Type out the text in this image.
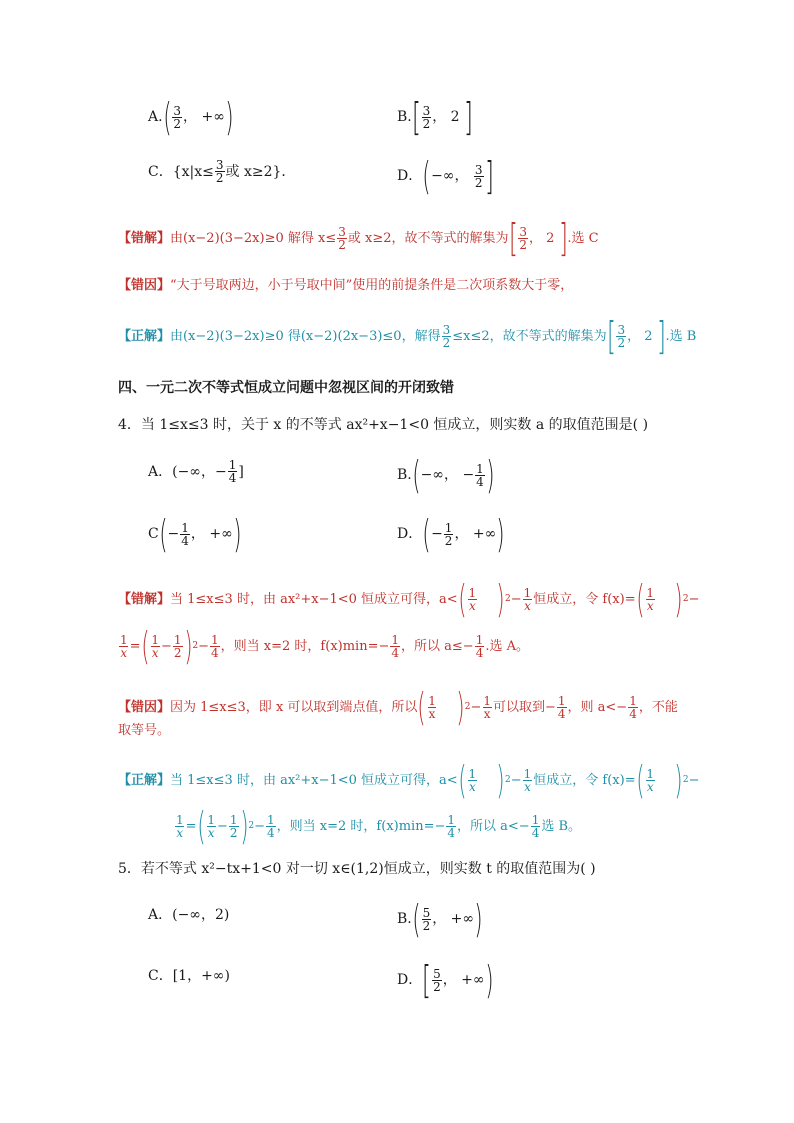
A. ( $\frac{3}{2}$ ，
+∞ )	B. [ $\frac{3}{2}$ ，
2
]
C．{$x|x\le \frac{3}{2}$ 或 x≥2}．	D． ( −∞ ，
$\frac{3}{2}$ ]
【错解】 由(x−2)(3−2x)≥0 解得 $x\le \frac{3}{2}$ 或 x≥2，故不等式的解集为 [ $\frac{3}{2}$ ，
2
] .选 C
【错因】 “大于号取两边，小于号取中间”使用的前提条件是二次项系数大于零，
【正解】 由(x−2)(3−2x)≥0 得(x−2)(2x−3)≤0，解得 $\frac{3}{2} \le x\le 2$，故不等式的解集为 [ $\frac{3}{2}$ ，
2
] .选 B
四、一元二次不等式恒成立问题中忽视区间的开闭致错
4．当 1≤x≤3 时，关于 x 的不等式 ax²+x−1<0 恒成立，则实数 a 的取值范围是( )
A．(−∞，− $\frac{1}{4}$ ]	B. ( −∞ ，
− $\frac{1}{4}$ )
C ( − $\frac{1}{4}$ ，
+∞ )	D． ( − $\frac{1}{2}$ ，
+∞ )
【错解】 当 1≤x≤3 时，由 ax²+x−1<0 恒成立可得，a< ( $\frac{1}{x}$ ) $2 - \frac{1}{x}$ 恒成立，令 f(x)= ( $\frac{1}{x}$ ) 2 −
$\frac{1}{x}$ = ( $\frac{1}{x} - \frac{1}{2}$ ) $2 - \frac{1}{4}$ ，则当 x=2 时，$f(x)\min=- \frac{1}{4}$ ，所以 $a\le- \frac{1}{4}$ .选 A。
【错因】 因为 1≤x≤3，即 x 可以取到端点值，所以 ( $\frac{1}{x}$ ) $2 - \frac{1}{x}$ 可以取到− $\frac{1}{4}$ ，则 $a<- \frac{1}{4}$ ，不能
取等号。
【正解】 当 1≤x≤3 时，由 ax²+x−1<0 恒成立可得，a< ( $\frac{1}{x}$ ) $2 - \frac{1}{x}$ 恒成立，令 f(x)= ( $\frac{1}{x}$ ) 2 −
$\frac{1}{x}$ = ( $\frac{1}{x} - \frac{1}{2}$ ) $2 - \frac{1}{4}$ ，则当 x=2 时，$f(x)\min=- \frac{1}{4}$ ，所以 $a<- \frac{1}{4}$ 选 B。
5．若不等式 x²−tx+1<0 对一切 x∈(1,2)恒成立，则实数 t 的取值范围为( )
A．(−∞，2)	B. ( $\frac{5}{2}$ ，
+∞ )
C．[1，+∞)	D． [ $\frac{5}{2}$ ，
+∞ )
